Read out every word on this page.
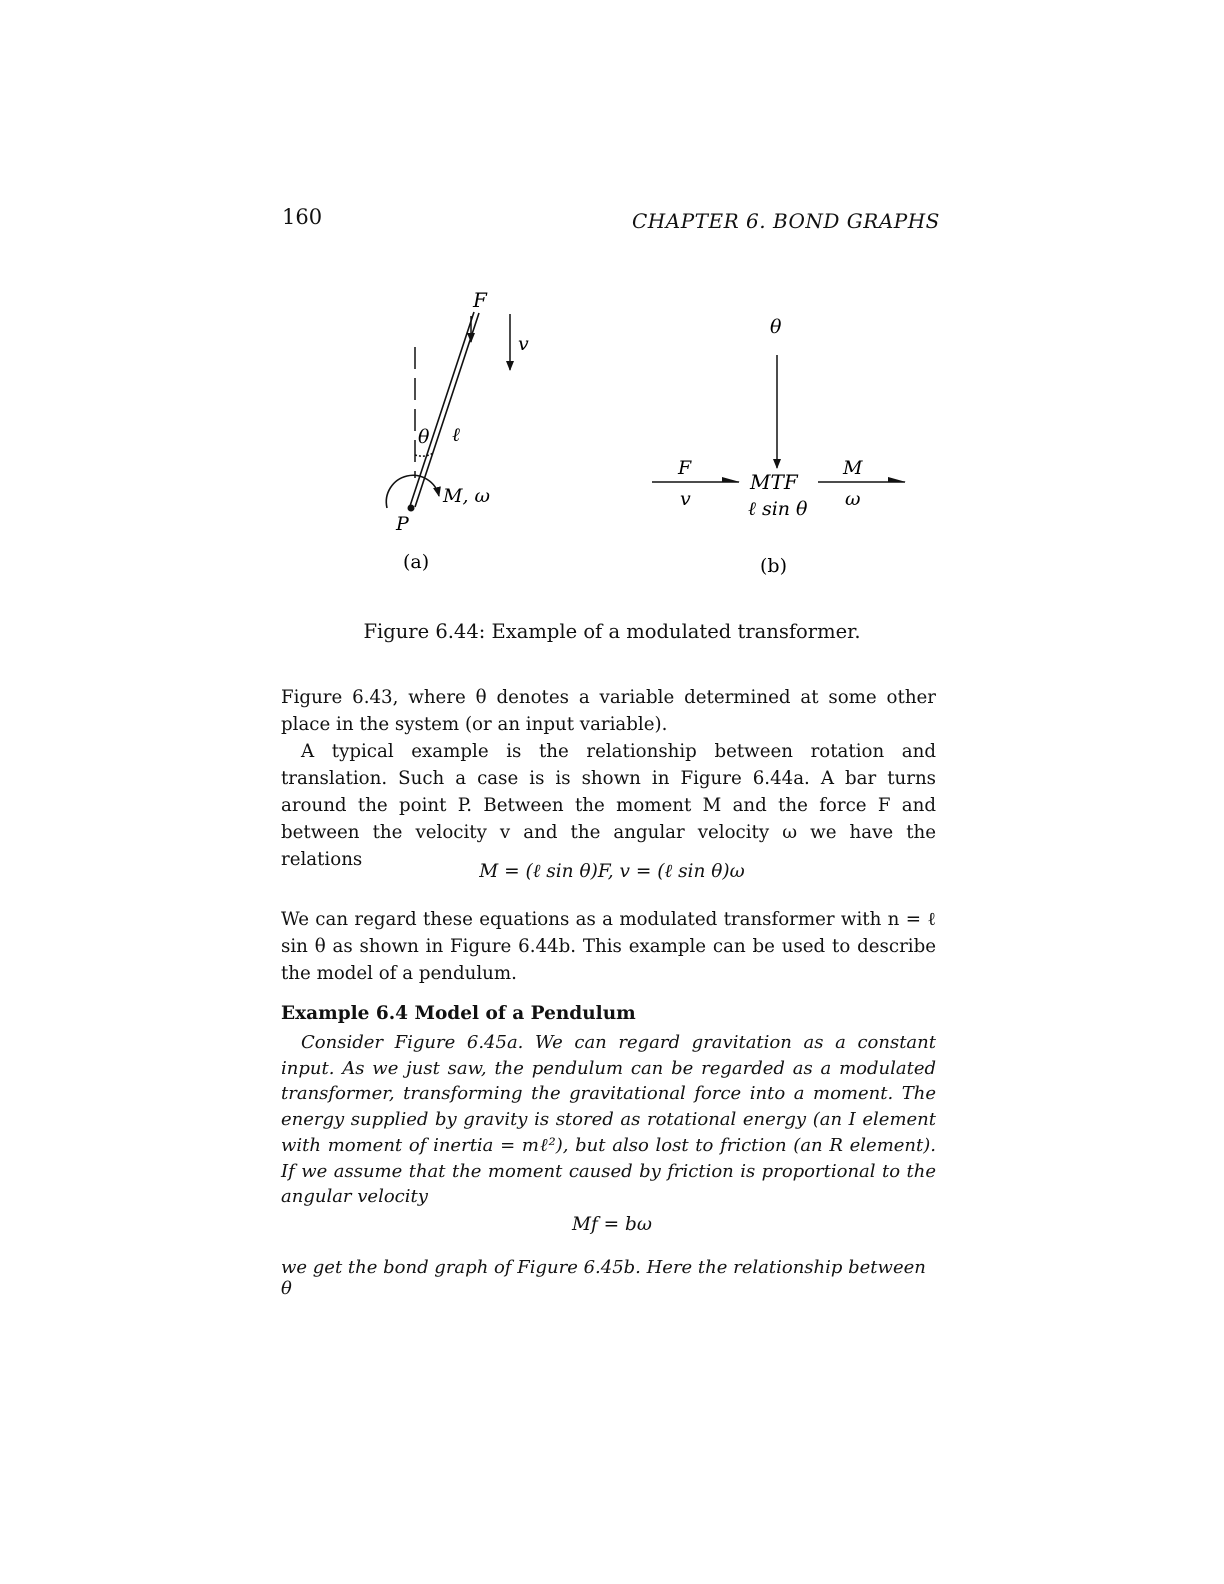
160	CHAPTER 6. BOND GRAPHS
F
v
θ ℓ
M, ω
P
(a)
θ
F
v
MTF
ℓ sin θ
M
ω
(b)
Figure 6.44: Example of a modulated transformer.

Figure 6.43, where θ denotes a variable determined at some other place in the system (or an input variable).

A typical example is the relationship between rotation and translation. Such a case is is shown in Figure 6.44a. A bar turns around the point P. Between the moment M and the force F and between the velocity v and the angular velocity ω we have the relations

M = (ℓ sin θ)F, v = (ℓ sin θ)ω
We can regard these equations as a modulated transformer with n = ℓ sin θ as shown in Figure 6.44b. This example can be used to describe the model of a pendulum.
Example 6.4 Model of a Pendulum
Consider Figure 6.45a. We can regard gravitation as a constant input. As we just saw, the pendulum can be regarded as a modulated transformer, transforming the gravitational force into a moment. The energy supplied by gravity is stored as rotational energy (an I element with moment of inertia = mℓ²), but also lost to friction (an R element). If we assume that the moment caused by friction is proportional to the angular velocity
Mf = bω
we get the bond graph of Figure 6.45b. Here the relationship between θ
